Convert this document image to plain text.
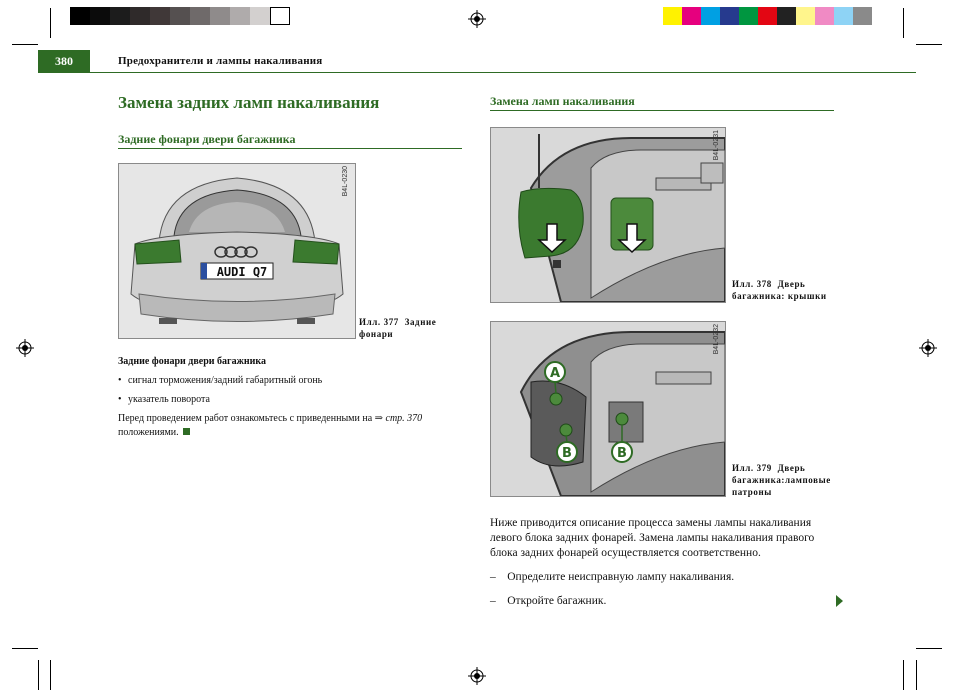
380	Предохранители и лампы накаливания
Замена задних ламп накаливания
Задние фонари двери багажника
AUDI Q7
B4L-0230
Илл. 377 Задние фонари
Задние фонари двери багажника
• сигнал торможения/задний габаритный огонь
• указатель поворота
Перед проведением работ ознакомьтесь с приведенными на ⇒ стр. 370 положениями.
Замена ламп накаливания
B4L-0231
Илл. 378 Дверь багажника: крышки
A
B	B
B4L-0232
Илл. 379 Дверь багажника:ламповые патроны
Ниже приводится описание процесса замены лампы накаливания левого блока задних фонарей. Замена лампы накаливания правого блока задних фонарей осуществляется соответственно.
–    Определите неисправную лампу накаливания.
–    Откройте багажник.
